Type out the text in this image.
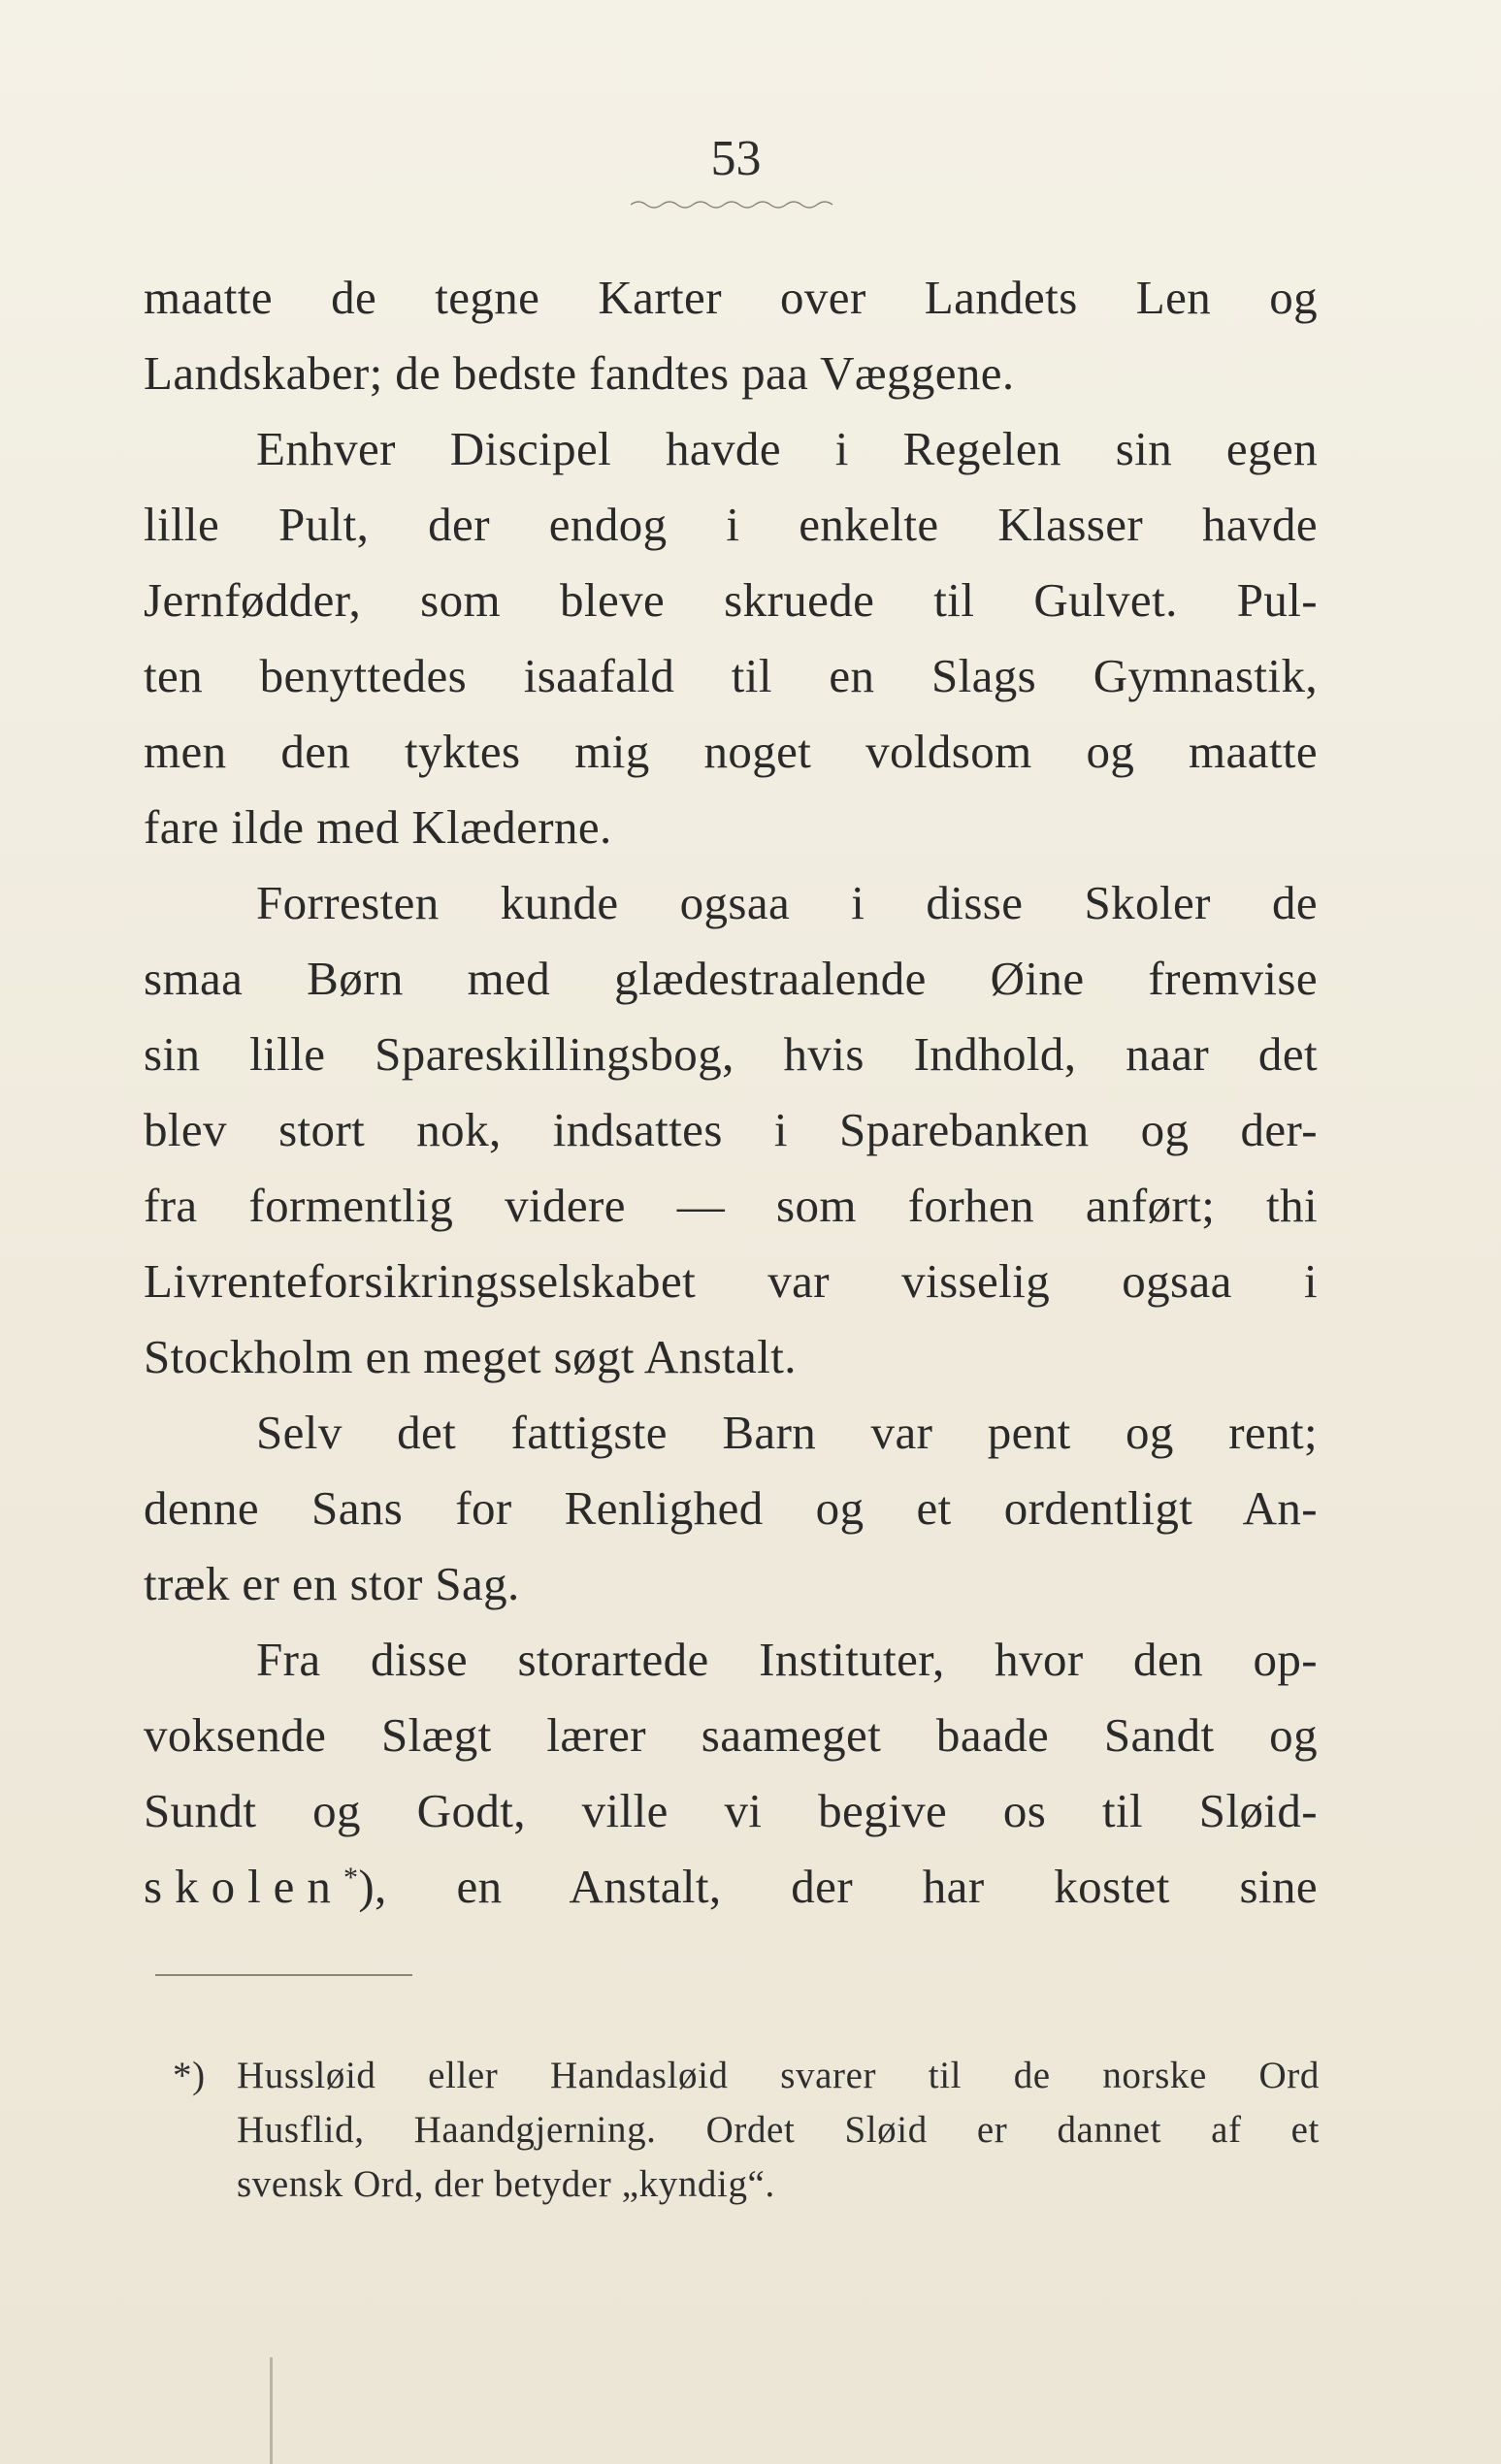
53
maatte de tegne Karter over Landets Len og
Landskaber; de bedste fandtes paa Væggene.
Enhver Discipel havde i Regelen sin egen
lille Pult, der endog i enkelte Klasser havde
Jernfødder, som bleve skruede til Gulvet. Pul-
ten benyttedes isaafald til en Slags Gymnastik,
men den tyktes mig noget voldsom og maatte
fare ilde med Klæderne.
Forresten kunde ogsaa i disse Skoler de
smaa Børn med glædestraalende Øine fremvise
sin lille Spareskillingsbog, hvis Indhold, naar det
blev stort nok, indsattes i Sparebanken og der-
fra formentlig videre — som forhen anført; thi
Livrenteforsikringsselskabet var visselig ogsaa i
Stockholm en meget søgt Anstalt.
Selv det fattigste Barn var pent og rent;
denne Sans for Renlighed og et ordentligt An-
træk er en stor Sag.
Fra disse storartede Instituter, hvor den op-
voksende Slægt lærer saameget baade Sandt og
Sundt og Godt, ville vi begive os til Sløid-
skolen*), en Anstalt, der har kostet sine
*) Hussløid eller Handasløid svarer til de norske Ord
Husflid, Haandgjerning. Ordet Sløid er dannet af et
svensk Ord, der betyder „kyndig“.
